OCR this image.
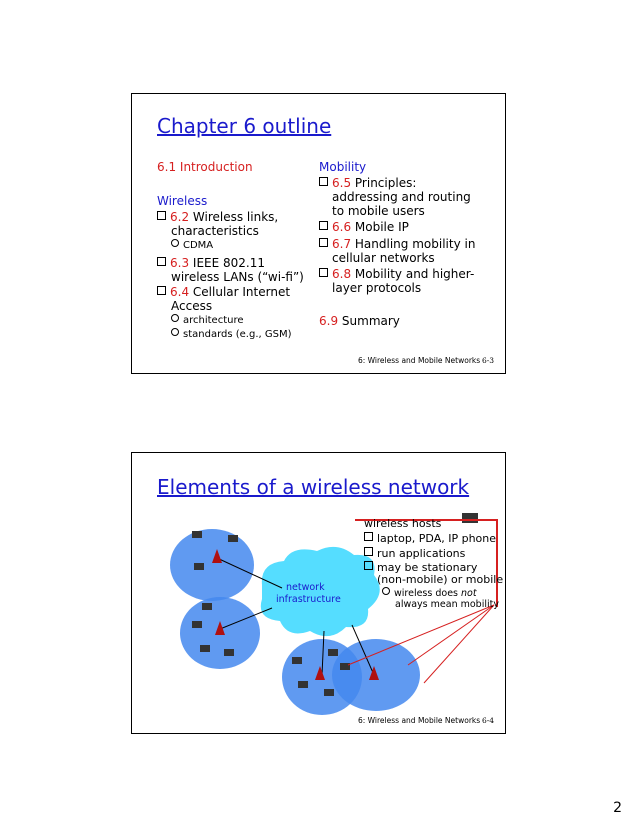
Chapter 6 outline
6.1 Introduction
Wireless
6.2 Wireless links,
characteristics
CDMA
6.3 IEEE 802.11
wireless LANs (“wi-fi”)
6.4 Cellular Internet
Access
architecture
standards (e.g., GSM)
Mobility
6.5 Principles:
addressing and routing
to mobile users
6.6 Mobile IP
6.7 Handling mobility in
cellular networks
6.8 Mobility and higher-
layer protocols
6.9 Summary
6: Wireless and Mobile Networks 6-3
Elements of a wireless network
wireless hosts
laptop, PDA, IP phone
run applications
may be stationary
(non-mobile) or mobile
wireless does not
always mean mobility
network
infrastructure
6: Wireless and Mobile Networks 6-4
2
